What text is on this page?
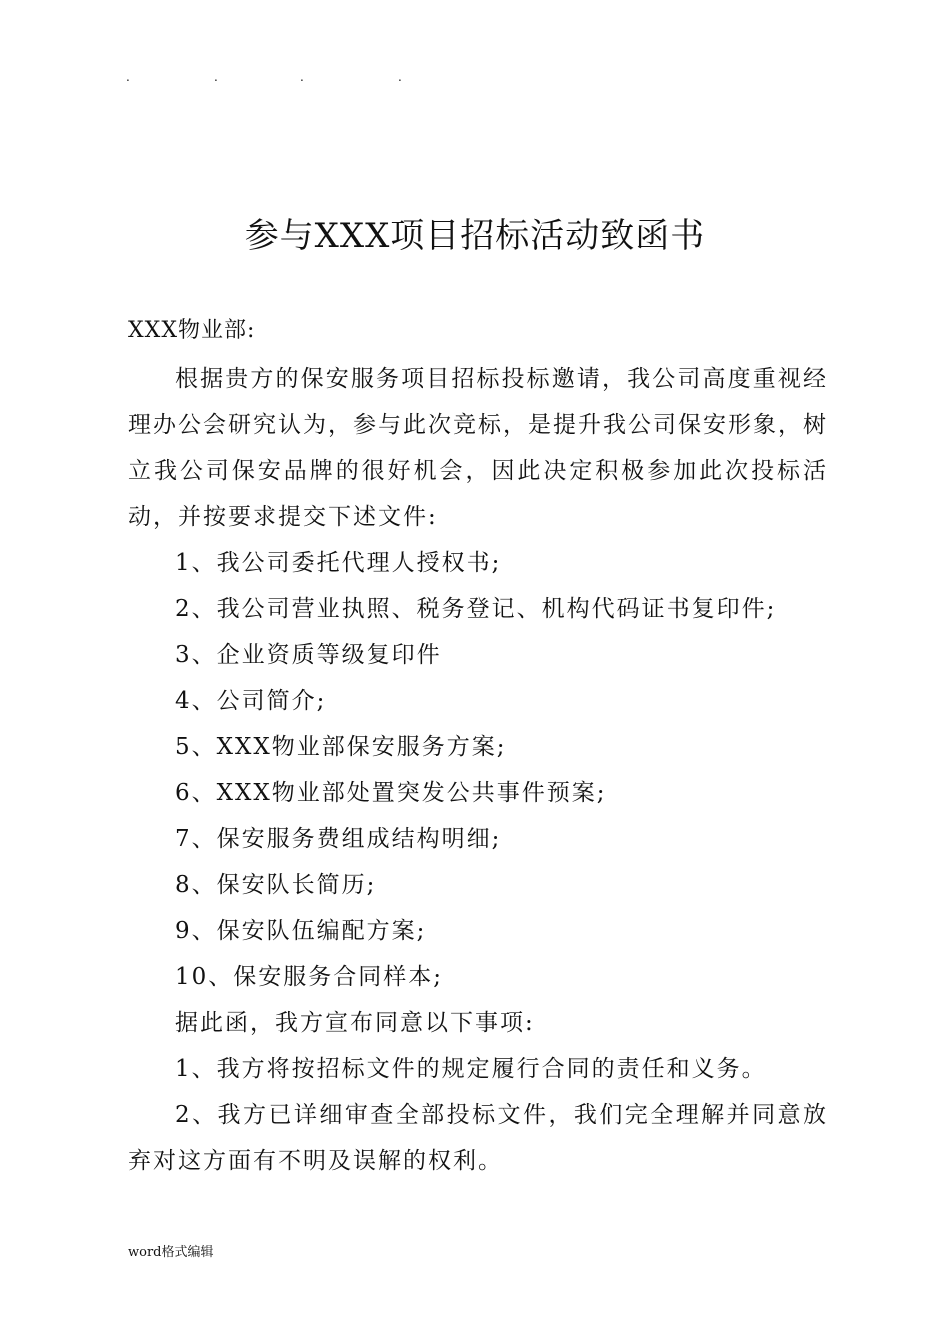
.	.	.	.
参与XXX项目招标活动致函书
XXX物业部:

根据贵方的保安服务项目招标投标邀请，我公司高度重视经理办公会研究认为，参与此次竞标，是提升我公司保安形象，树立我公司保安品牌的很好机会，因此决定积极参加此次投标活动，并按要求提交下述文件:

1、我公司委托代理人授权书;

2、我公司营业执照、税务登记、机构代码证书复印件;

3、企业资质等级复印件

4、公司简介;

5、XXX物业部保安服务方案;

6、XXX物业部处置突发公共事件预案;

7、保安服务费组成结构明细;

8、保安队长简历;

9、保安队伍编配方案;

10、保安服务合同样本;

据此函，我方宣布同意以下事项:

1、我方将按招标文件的规定履行合同的责任和义务。

2、我方已详细审查全部投标文件，我们完全理解并同意放弃对这方面有不明及误解的权利。

word格式编辑
